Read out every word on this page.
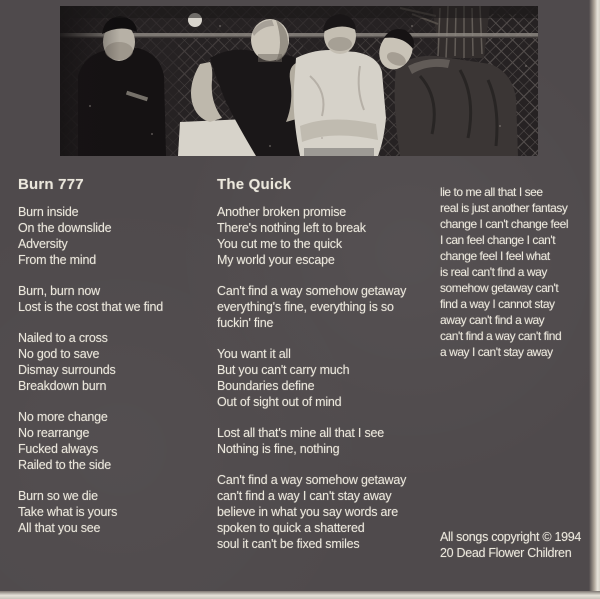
Burn 777

Burn inside
On the downslide
Adversity
From the mind

Burn, burn now
Lost is the cost that we find

Nailed to a cross
No god to save
Dismay surrounds
Breakdown burn

No more change
No rearrange
Fucked always
Railed to the side

Burn so we die
Take what is yours
All that you see

The Quick

Another broken promise
There's nothing left to break
You cut me to the quick
My world your escape

Can't find a way somehow getaway
everything's fine, everything is so
fuckin' fine

You want it all
But you can't carry much
Boundaries define
Out of sight out of mind

Lost all that's mine all that I see
Nothing is fine, nothing

Can't find a way somehow getaway
can't find a way I can't stay away
believe in what you say words are
spoken to quick a shattered
soul it can't be fixed smiles

lie to me all that I see
real is just another fantasy
change I can't change feel
I can feel change I can't
change feel I feel what
is real can't find a way
somehow getaway can't
find a way I cannot stay
away can't find a way
can't find a way can't find
a way I can't stay away
All songs copyright © 1994
20 Dead Flower Children
